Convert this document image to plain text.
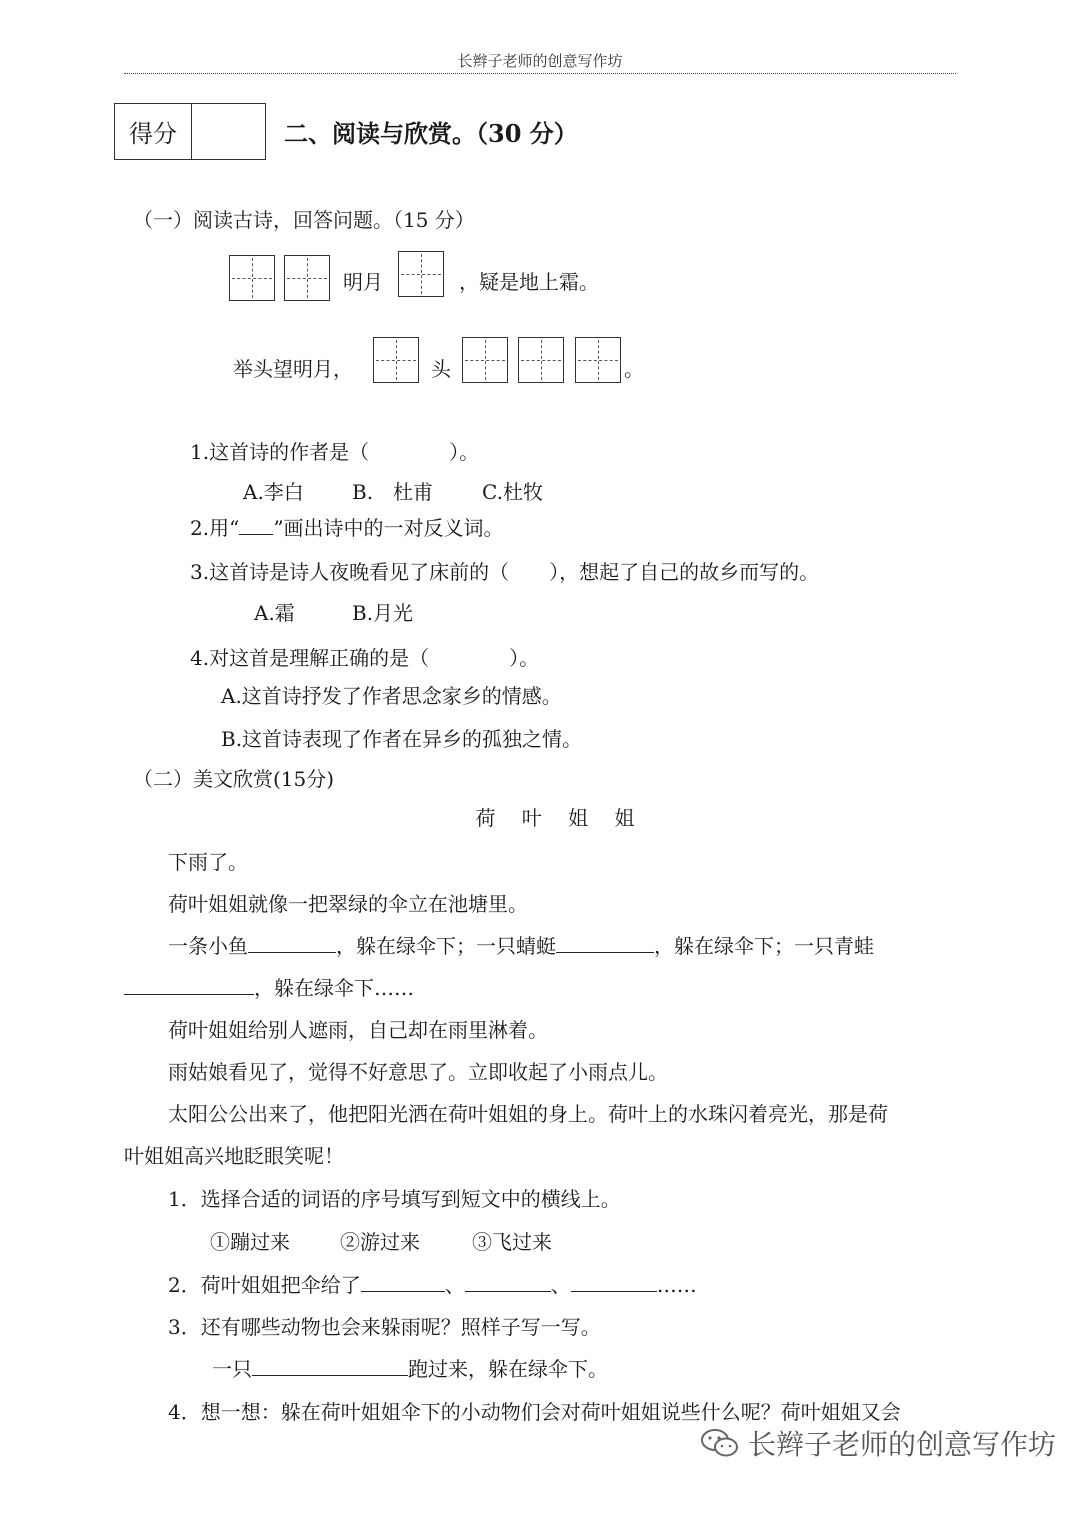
长辫子老师的创意写作坊
得分	二、阅读与欣赏。（30 分）
（一）阅读古诗，回答问题。（15 分）
明月	，疑是地上霜。
举头望明月，	头	。
1.这首诗的作者是（　　　　）。
A.李白 B.　杜甫 C.杜牧
2.用“ ”画出诗中的一对反义词。
3.这首诗是诗人夜晚看见了床前的（　　），想起了自己的故乡而写的。
A.霜	B.月光
4.对这首是理解正确的是（　　　　）。
A.这首诗抒发了作者思念家乡的情感。
B.这首诗表现了作者在异乡的孤独之情。
（二）美文欣赏(15分)
荷 叶 姐 姐
下雨了。
荷叶姐姐就像一把翠绿的伞立在池塘里。
一条小鱼	，躲在绿伞下；一只蜻蜓	，躲在绿伞下；一只青蛙
，躲在绿伞下……
荷叶姐姐给别人遮雨，自己却在雨里淋着。
雨姑娘看见了，觉得不好意思了。立即收起了小雨点儿。
太阳公公出来了，他把阳光洒在荷叶姐姐的身上。荷叶上的水珠闪着亮光，那是荷
叶姐姐高兴地眨眼笑呢！
1．选择合适的词语的序号填写到短文中的横线上。
①蹦过来	②游过来	③飞过来
2．荷叶姐姐把伞给了	、	、	……
3．还有哪些动物也会来躲雨呢？照样子写一写。
一只	跑过来，躲在绿伞下。
4．想一想：躲在荷叶姐姐伞下的小动物们会对荷叶姐姐说些什么呢？荷叶姐姐又会
长辫子老师的创意写作坊
